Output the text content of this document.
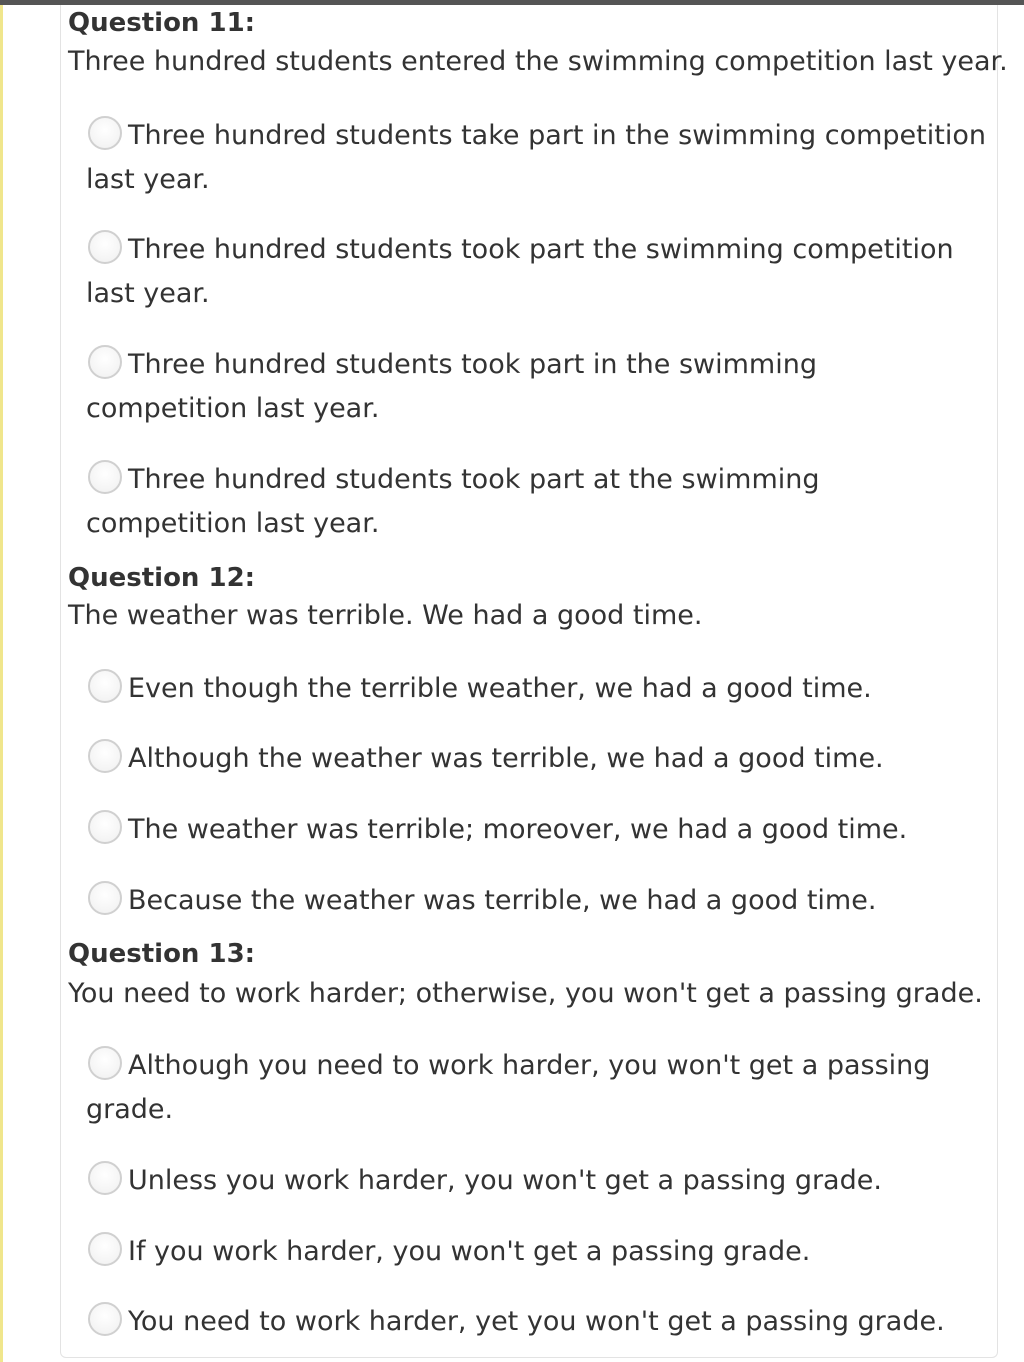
Question 11:
Three hundred students entered the swimming competition last year.
Three hundred students take part in the swimming competition last year.
Three hundred students took part the swimming competition last year.
Three hundred students took part in the swimming competition last year.
Three hundred students took part at the swimming competition last year.
Question 12:
The weather was terrible. We had a good time.
Even though the terrible weather, we had a good time.
Although the weather was terrible, we had a good time.
The weather was terrible; moreover, we had a good time.
Because the weather was terrible, we had a good time.
Question 13:
You need to work harder; otherwise, you won't get a passing grade.
Although you need to work harder, you won't get a passing grade.
Unless you work harder, you won't get a passing grade.
If you work harder, you won't get a passing grade.
You need to work harder, yet you won't get a passing grade.
